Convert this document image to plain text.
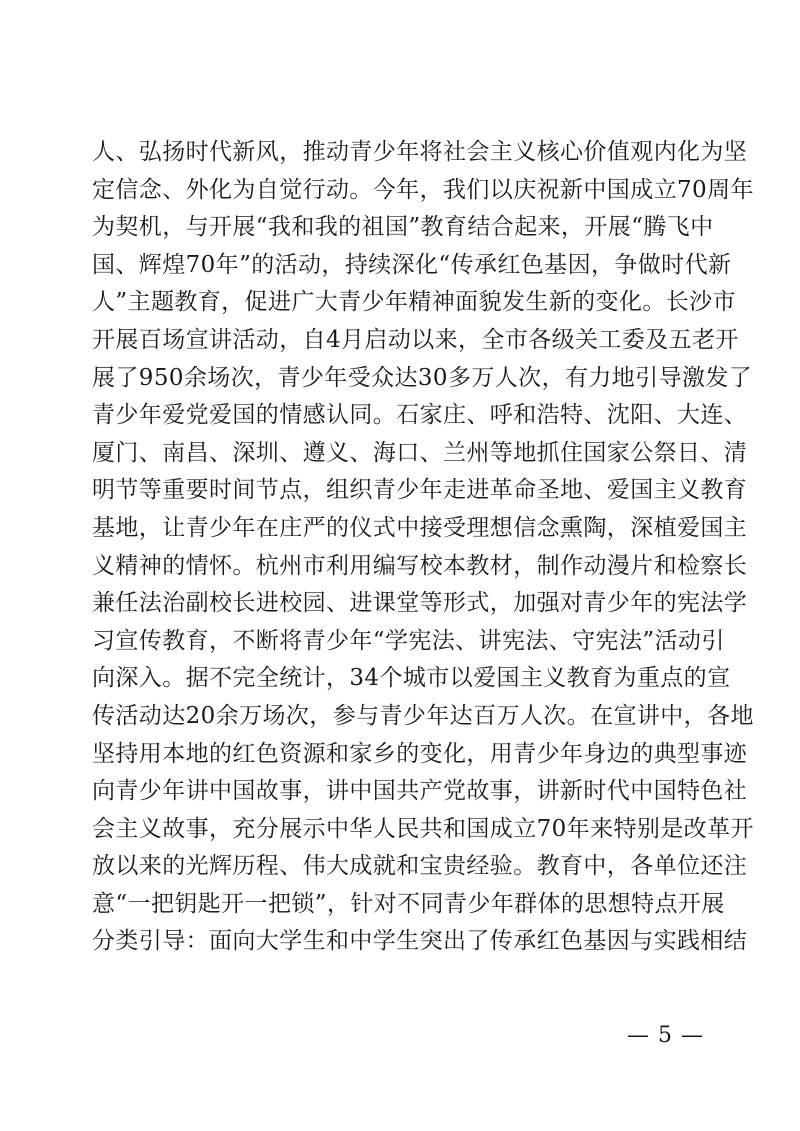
人、弘扬时代新风，推动青少年将社会主义核心价值观内化为坚
定信念、外化为自觉行动。今年，我们以庆祝新中国成立70周年
为契机，与开展“我和我的祖国”教育结合起来，开展“腾飞中
国、辉煌70年”的活动，持续深化“传承红色基因，争做时代新
人”主题教育，促进广大青少年精神面貌发生新的变化。长沙市
开展百场宣讲活动，自4月启动以来，全市各级关工委及五老开
展了950余场次，青少年受众达30多万人次，有力地引导激发了
青少年爱党爱国的情感认同。石家庄、呼和浩特、沈阳、大连、
厦门、南昌、深圳、遵义、海口、兰州等地抓住国家公祭日、清
明节等重要时间节点，组织青少年走进革命圣地、爱国主义教育
基地，让青少年在庄严的仪式中接受理想信念熏陶，深植爱国主
义精神的情怀。杭州市利用编写校本教材，制作动漫片和检察长
兼任法治副校长进校园、进课堂等形式，加强对青少年的宪法学
习宣传教育，不断将青少年“学宪法、讲宪法、守宪法”活动引
向深入。据不完全统计，34个城市以爱国主义教育为重点的宣
传活动达20余万场次，参与青少年达百万人次。在宣讲中，各地
坚持用本地的红色资源和家乡的变化，用青少年身边的典型事迹
向青少年讲中国故事，讲中国共产党故事，讲新时代中国特色社
会主义故事，充分展示中华人民共和国成立70年来特别是改革开
放以来的光辉历程、伟大成就和宝贵经验。教育中，各单位还注
意“一把钥匙开一把锁”，针对不同青少年群体的思想特点开展
分类引导：面向大学生和中学生突出了传承红色基因与实践相结
— 5 —
